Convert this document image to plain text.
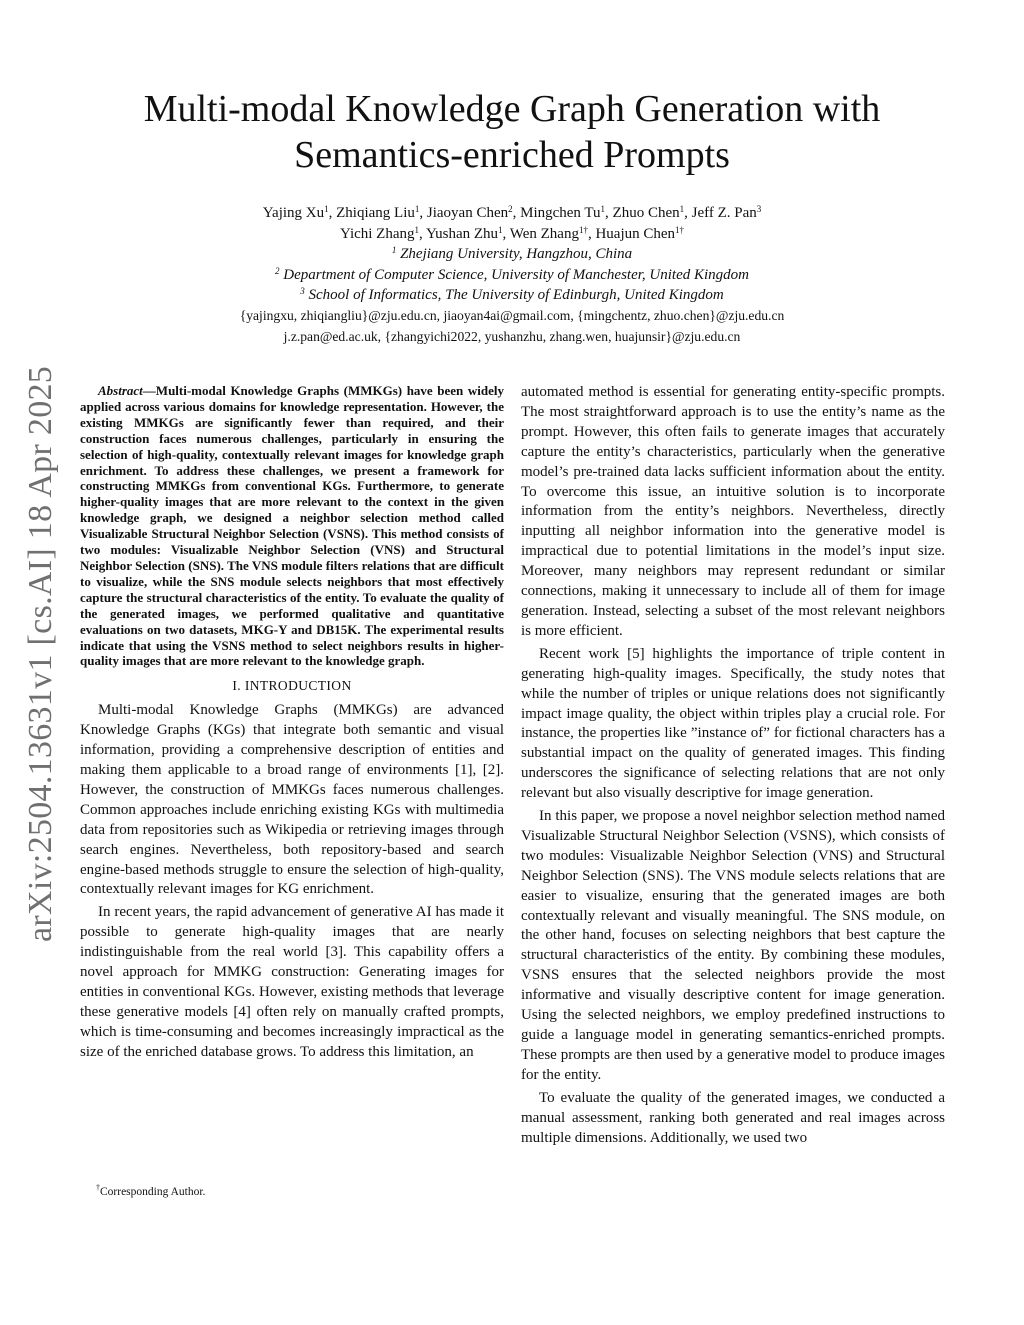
Multi-modal Knowledge Graph Generation with
Semantics-enriched Prompts
Yajing Xu$^1$, Zhiqiang Liu$^1$, Jiaoyan Chen$^2$, Mingchen Tu$^1$, Zhuo Chen$^1$, Jeff Z. Pan$^3$
Yichi Zhang$^1$, Yushan Zhu$^1$, Wen Zhang$^{1\dagger}$, Huajun Chen$^{1\dagger}$
$^1$ Zhejiang University, Hangzhou, China
$^2$ Department of Computer Science, University of Manchester, United Kingdom
$^3$ School of Informatics, The University of Edinburgh, United Kingdom
{yajingxu, zhiqiangliu}@zju.edu.cn, jiaoyan4ai@gmail.com, {mingchentz, zhuo.chen}@zju.edu.cn
j.z.pan@ed.ac.uk, {zhangyichi2022, yushanzhu, zhang.wen, huajunsir}@zju.edu.cn
arXiv:2504.13631v1 [cs.AI] 18 Apr 2025	Abstract—Multi-modal Knowledge Graphs (MMKGs) have been widely applied across various domains for knowledge representation. However, the existing MMKGs are significantly fewer than required, and their construction faces numerous challenges, particularly in ensuring the selection of high-quality, contextually relevant images for knowledge graph enrichment. To address these challenges, we present a framework for constructing MMKGs from conventional KGs. Furthermore, to generate higher-quality images that are more relevant to the context in the given knowledge graph, we designed a neighbor selection method called Visualizable Structural Neighbor Selection (VSNS). This method consists of two modules: Visualizable Neighbor Selection (VNS) and Structural Neighbor Selection (SNS). The VNS module filters relations that are difficult to visualize, while the SNS module selects neighbors that most effectively capture the structural characteristics of the entity. To evaluate the quality of the generated images, we performed qualitative and quantitative evaluations on two datasets, MKG-Y and DB15K. The experimental results indicate that using the VSNS method to select neighbors results in higher-quality images that are more relevant to the knowledge graph.

I. INTRODUCTION

Multi-modal Knowledge Graphs (MMKGs) are advanced Knowledge Graphs (KGs) that integrate both semantic and visual information, providing a comprehensive description of entities and making them applicable to a broad range of environments [1], [2]. However, the construction of MMKGs faces numerous challenges. Common approaches include enriching existing KGs with multimedia data from repositories such as Wikipedia or retrieving images through search engines. Nevertheless, both repository-based and search engine-based methods struggle to ensure the selection of high-quality, contextually relevant images for KG enrichment.

In recent years, the rapid advancement of generative AI has made it possible to generate high-quality images that are nearly indistinguishable from the real world [3]. This capability offers a novel approach for MMKG construction: Generating images for entities in conventional KGs. However, existing methods that leverage these generative models [4] often rely on manually crafted prompts, which is time-consuming and becomes increasingly impractical as the size of the enriched database grows. To address this limitation, an

automated method is essential for generating entity-specific prompts. The most straightforward approach is to use the entity’s name as the prompt. However, this often fails to generate images that accurately capture the entity’s characteristics, particularly when the generative model’s pre-trained data lacks sufficient information about the entity. To overcome this issue, an intuitive solution is to incorporate information from the entity’s neighbors. Nevertheless, directly inputting all neighbor information into the generative model is impractical due to potential limitations in the model’s input size. Moreover, many neighbors may represent redundant or similar connections, making it unnecessary to include all of them for image generation. Instead, selecting a subset of the most relevant neighbors is more efficient.

Recent work [5] highlights the importance of triple content in generating high-quality images. Specifically, the study notes that while the number of triples or unique relations does not significantly impact image quality, the object within triples play a crucial role. For instance, the properties like ”instance of” for fictional characters has a substantial impact on the quality of generated images. This finding underscores the significance of selecting relations that are not only relevant but also visually descriptive for image generation.

In this paper, we propose a novel neighbor selection method named Visualizable Structural Neighbor Selection (VSNS), which consists of two modules: Visualizable Neighbor Selection (VNS) and Structural Neighbor Selection (SNS). The VNS module selects relations that are easier to visualize, ensuring that the generated images are both contextually relevant and visually meaningful. The SNS module, on the other hand, focuses on selecting neighbors that best capture the structural characteristics of the entity. By combining these modules, VSNS ensures that the selected neighbors provide the most informative and visually descriptive content for image generation. Using the selected neighbors, we employ predefined instructions to guide a language model in generating semantics-enriched prompts. These prompts are then used by a generative model to produce images for the entity.

To evaluate the quality of the generated images, we conducted a manual assessment, ranking both generated and real images across multiple dimensions. Additionally, we used two

†Corresponding Author.
